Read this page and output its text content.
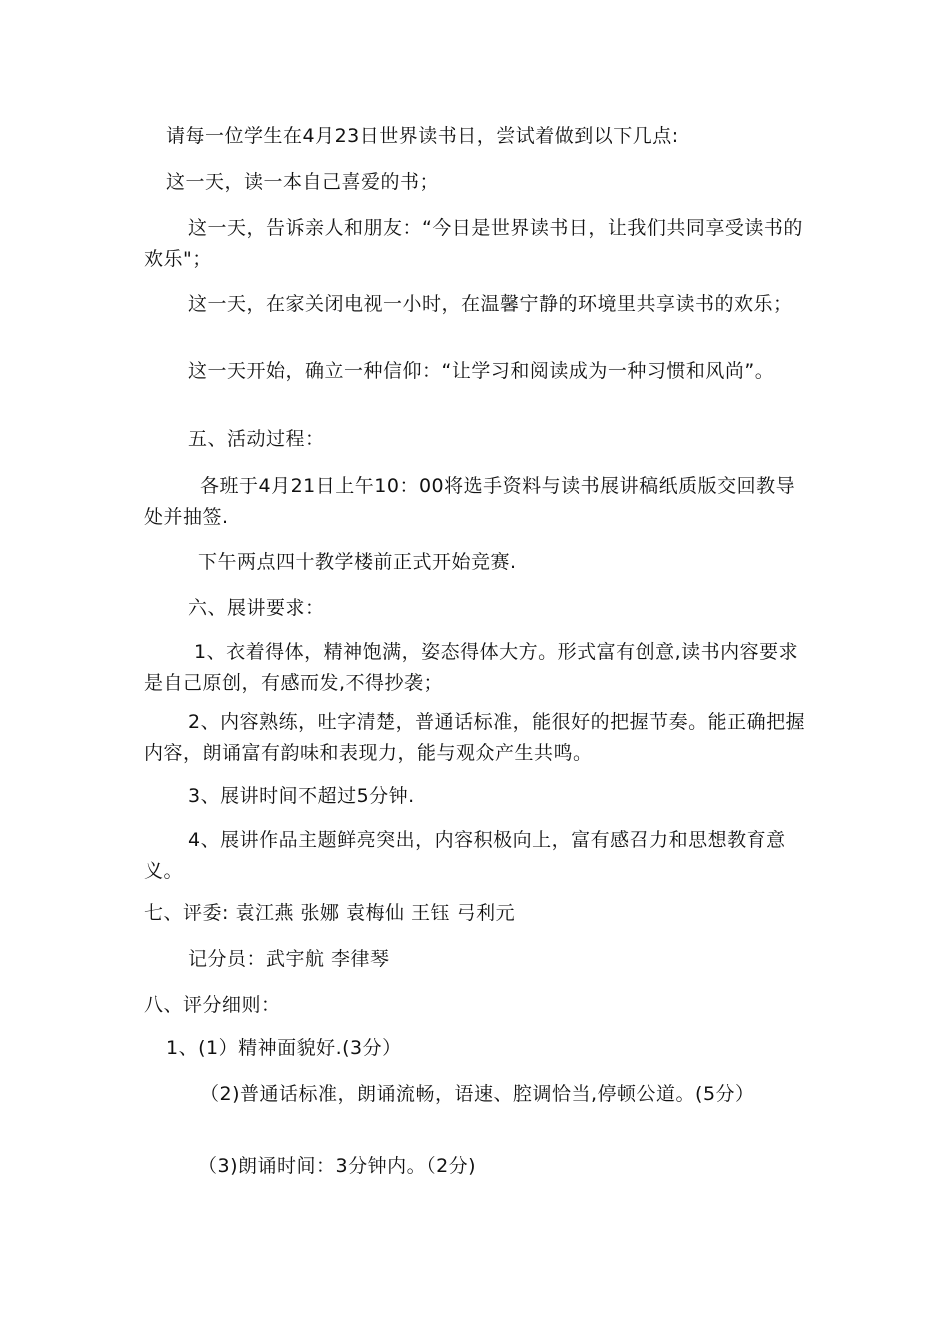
请每一位学生在4月23日世界读书日，尝试着做到以下几点:
这一天，读一本自己喜爱的书；
这一天，告诉亲人和朋友：“今日是世界读书日，让我们共同享受读书的欢乐"；
这一天，在家关闭电视一小时，在温馨宁静的环境里共享读书的欢乐；
这一天开始，确立一种信仰：“让学习和阅读成为一种习惯和风尚”。
五、活动过程：
各班于4月21日上午10：00将选手资料与读书展讲稿纸质版交回教导处并抽签.
下午两点四十教学楼前正式开始竞赛.
六、展讲要求：
1、衣着得体，精神饱满，姿态得体大方。形式富有创意,读书内容要求是自己原创，有感而发,不得抄袭；
2、内容熟练，吐字清楚，普通话标准，能很好的把握节奏。能正确把握内容，朗诵富有韵味和表现力，能与观众产生共鸣。
3、展讲时间不超过5分钟.
4、展讲作品主题鲜亮突出，内容积极向上，富有感召力和思想教育意义。
七、评委: 袁江燕 张娜 袁梅仙 王钰 弓利元
记分员：武宇航 李律琴
八、评分细则：
1、(1）精神面貌好.(3分）
（2)普通话标准，朗诵流畅，语速、腔调恰当,停顿公道。(5分）
（3)朗诵时间：3分钟内。（2分)
